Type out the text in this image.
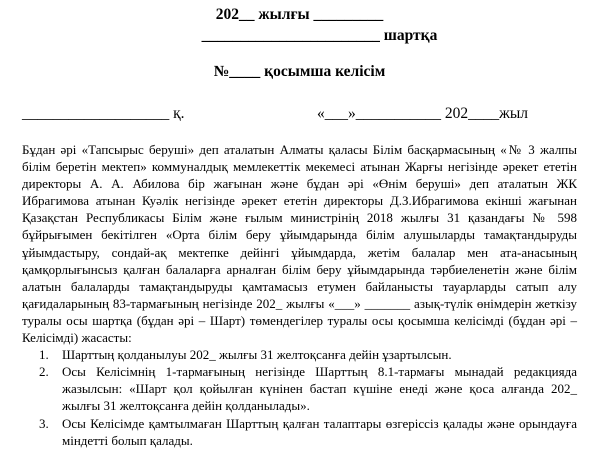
202__ жылғы _________
_______________________ шартқа
№____ қосымша келісім
___________________ қ.	«___»___________ 202____жыл

Бұдан әрі «Тапсырыс беруші» деп аталатын Алматы қаласы Білім басқармасының «№ 3 жалпы білім беретін мектеп» коммуналдық мемлекеттік мекемесі атынан Жарғы негізінде әрекет ететін директоры А. А. Абилова бір жағынан және бұдан әрі «Өнім беруші» деп аталатын ЖК Ибрагимова атынан Куәлік негізінде әрекет ететін директоры Д.З.Ибрагимова екінші жағынан Қазақстан Республикасы Білім және ғылым министрінің 2018 жылғы 31 қазандағы № 598 бұйрығымен бекітілген «Орта білім беру ұйымдарында білім алушыларды тамақтандыруды ұйымдастыру, сондай-ақ мектепке дейінгі ұйымдарда, жетім балалар мен ата-анасының қамқорлығынсыз қалған балаларға арналған білім беру ұйымдарында тәрбиеленетін және білім алатын балаларды тамақтандыруды қамтамасыз етумен байланысты тауарларды сатып алу қағидаларының 83-тармағының негізінде 202_ жылғы «___» _______ азық-түлік өнімдерін жеткізу туралы осы шартқа (бұдан әрі – Шарт) төмендегілер туралы осы қосымша келісімді (бұдан әрі – Келісімді) жасасты:

1. Шарттың қолданылуы 202_ жылғы 31 желтоқсанға дейін ұзартылсын.
2. Осы Келісімнің 1-тармағының негізінде Шарттың 8.1-тармағы мынадай редакцияда жазылсын: «Шарт қол қойылған күнінен бастап күшіне енеді және қоса алғанда 202_ жылғы 31 желтоқсанға дейін қолданылады».
3. Осы Келісімде қамтылмаған Шарттың қалған талаптары өзгеріссіз қалады және орындауға міндетті болып қалады.
